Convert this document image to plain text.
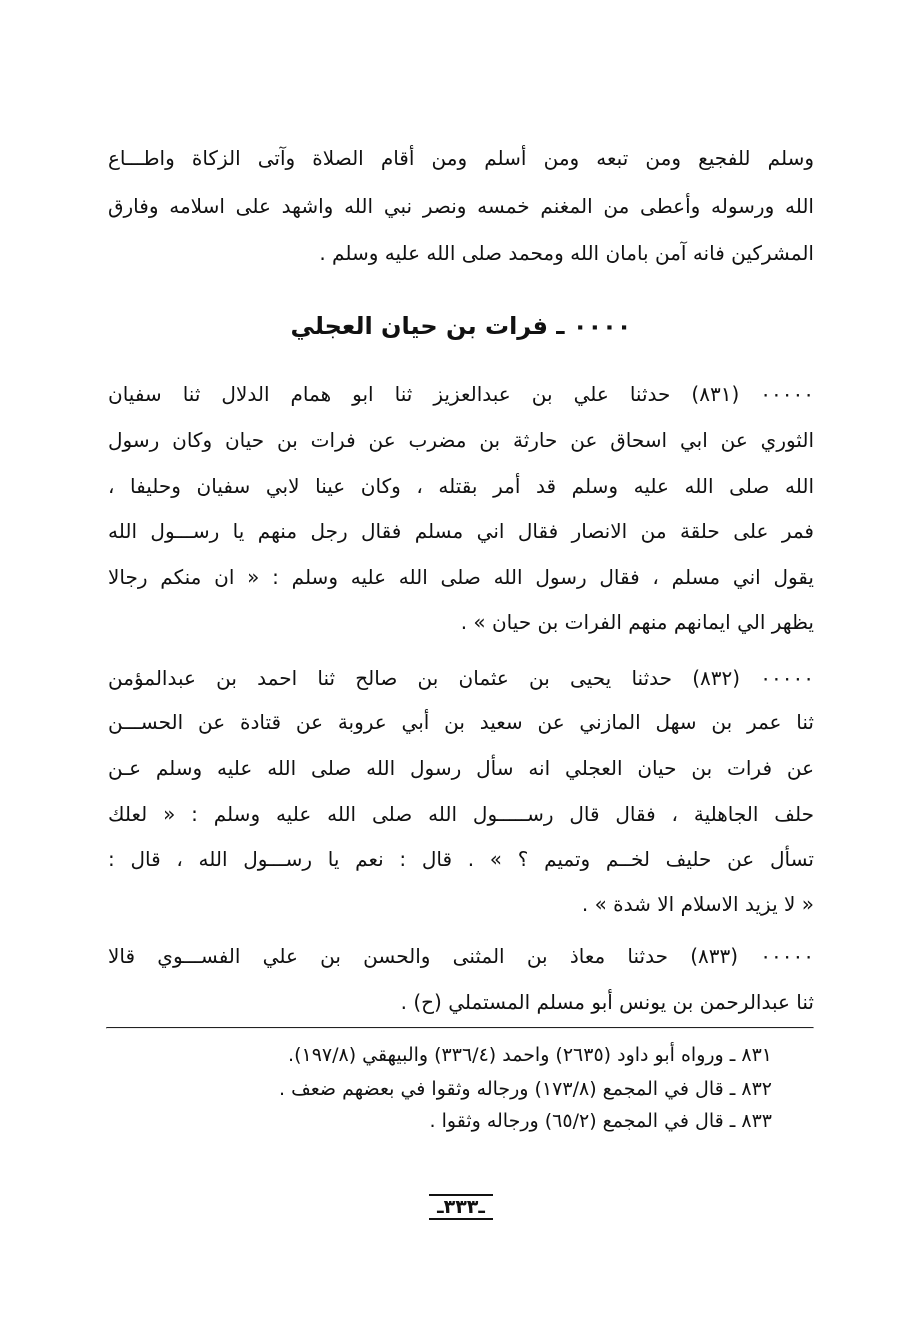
وسلم للفجيع ومن تبعه ومن أسلم ومن أقام الصلاة وآتى الزكاة واطـــاع

الله ورسوله وأعطى من المغنم خمسه ونصر نبي الله واشهد على اسلامه وفارق

المشركين فانه آمن بامان الله ومحمد صلى الله عليه وسلم .

٠٠٠٠ ـ فرات بن حيان العجلي

٠٠٠٠٠ (٨٣١) حدثنا علي بن عبدالعزيز ثنا ابو همام الدلال ثنا سفيان

الثوري عن ابي اسحاق عن حارثة بن مضرب عن فرات بن حيان وكان رسول

الله صلى الله عليه وسلم قد أمر بقتله ، وكان عينا لابي سفيان وحليفا ،

فمر على حلقة من الانصار فقال اني مسلم فقال رجل منهم يا رســـول الله

يقول اني مسلم ، فقال رسول الله صلى الله عليه وسلم : « ان منكم رجالا

يظهر الي ايمانهم منهم الفرات بن حيان » .

٠٠٠٠٠ (٨٣٢) حدثنا يحيى بن عثمان بن صالح ثنا احمد بن عبدالمؤمن

ثنا عمر بن سهل المازني عن سعيد بن أبي عروبة عن قتادة عن الحســـن

عن فرات بن حيان العجلي انه سأل رسول الله صلى الله عليه وسلم عـن

حلف الجاهلية ، فقال قال رســـــول الله صلى الله عليه وسلم : « لعلك

تسأل عن حليف لخــم وتميم ؟ » . قال : نعم يا رســـول الله ، قال :

« لا يزيد الاسلام الا شدة » .

٠٠٠٠٠ (٨٣٣) حدثنا معاذ بن المثنى والحسن بن علي الفســـوي قالا

ثنا عبدالرحمن بن يونس أبو مسلم المستملي (ح) .

٨٣١ ـ ورواه أبو داود (٢٦٣٥) واحمد (٣٣٦/٤) والبيهقي (١٩٧/٨).

٨٣٢ ـ قال في المجمع (١٧٣/٨) ورجاله وثقوا في بعضهم ضعف .

٨٣٣ ـ قال في المجمع (٦٥/٢) ورجاله وثقوا .

ـ٣٣٣ـ
